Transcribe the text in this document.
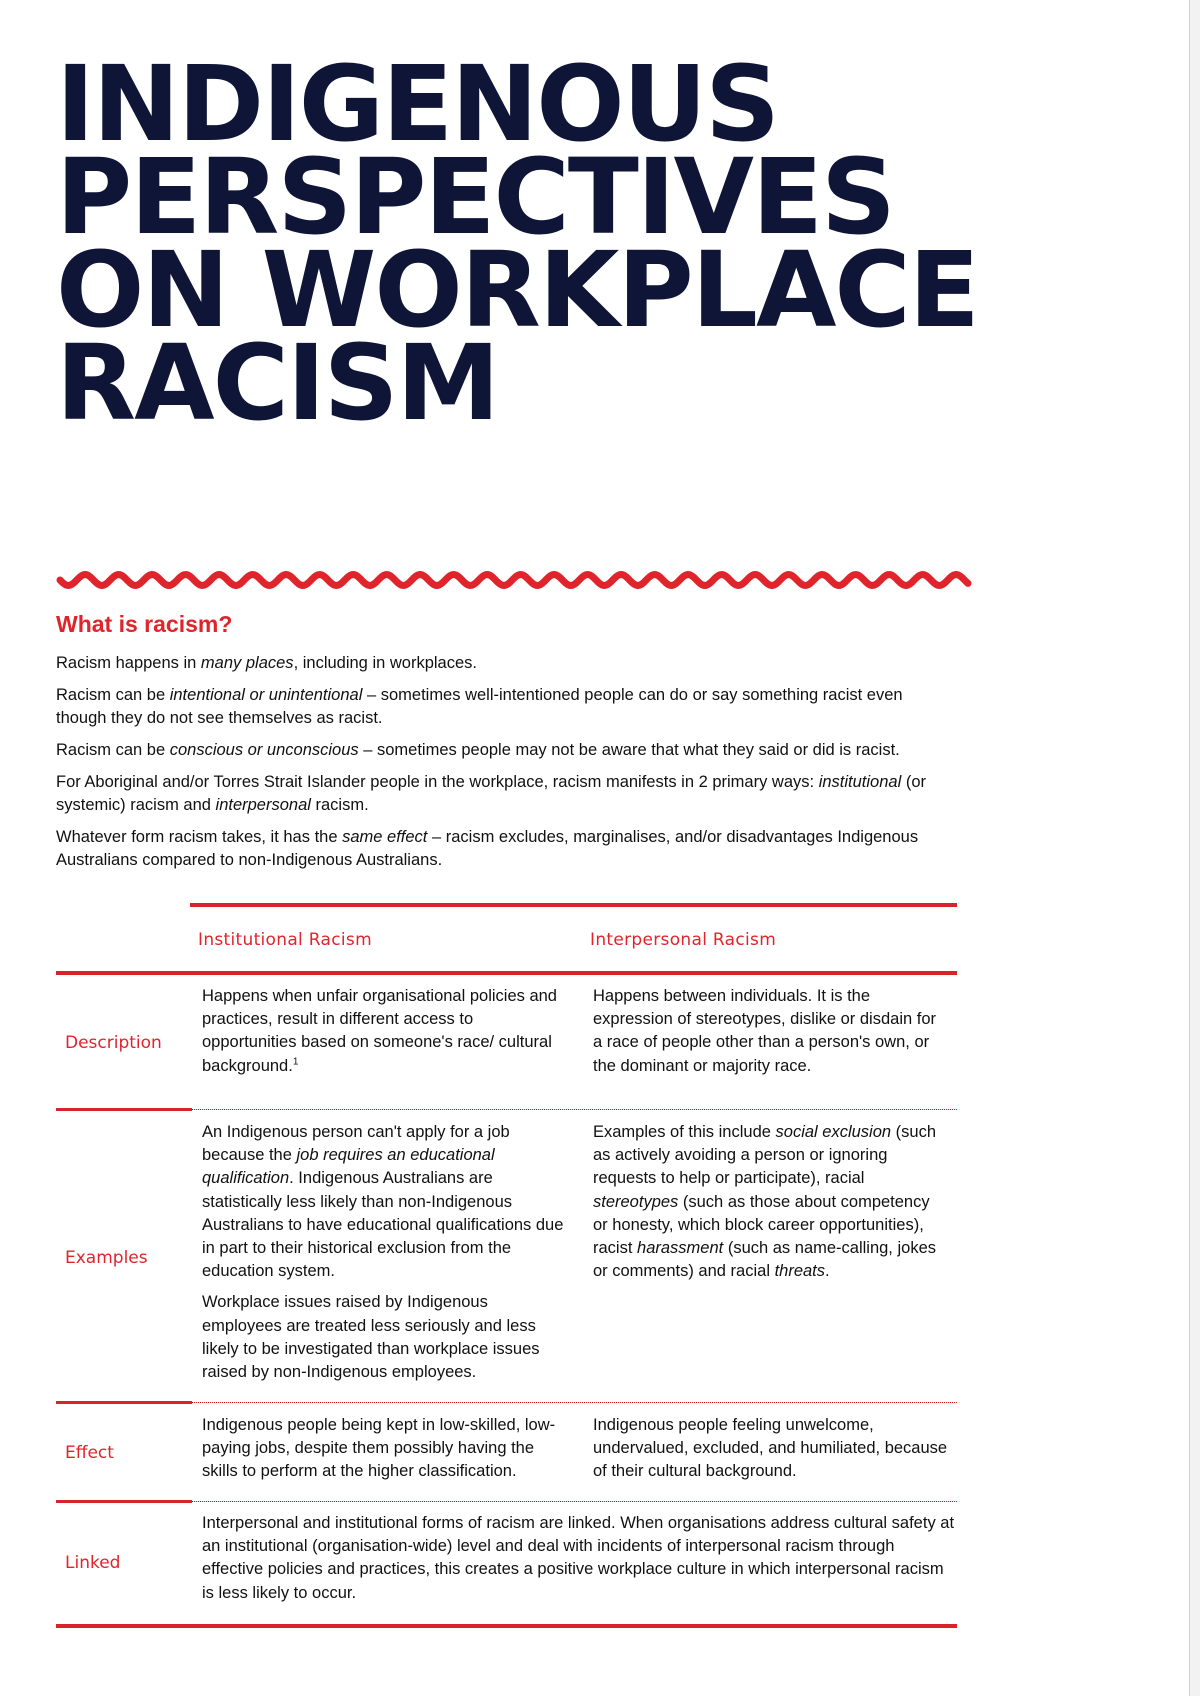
INDIGENOUS
PERSPECTIVES
ON WORKPLACE
RACISM
What is racism?

Racism happens in many places, including in workplaces.

Racism can be intentional or unintentional – sometimes well-intentioned people can do or say something racist even though they do not see themselves as racist.

Racism can be conscious or unconscious – sometimes people may not be aware that what they said or did is racist.

For Aboriginal and/or Torres Strait Islander people in the workplace, racism manifests in 2 primary ways: institutional (or systemic) racism and interpersonal racism.

Whatever form racism takes, it has the same effect – racism excludes, marginalises, and/or disadvantages Indigenous Australians compared to non-Indigenous Australians.

Institutional Racism	Interpersonal Racism
Description

Happens when unfair organisational policies and practices, result in different access to opportunities based on someone's race/ cultural background.$^1$

Happens between individuals. It is the expression of stereotypes, dislike or disdain for a race of people other than a person's own, or the dominant or majority race.

Examples

An Indigenous person can't apply for a job because the job requires an educational qualification. Indigenous Australians are statistically less likely than non-Indigenous Australians to have educational qualifications due in part to their historical exclusion from the education system.

Workplace issues raised by Indigenous employees are treated less seriously and less likely to be investigated than workplace issues raised by non-Indigenous employees.

Examples of this include social exclusion (such as actively avoiding a person or ignoring requests to help or participate), racial stereotypes (such as those about competency or honesty, which block career opportunities), racist harassment (such as name-calling, jokes or comments) and racial threats.

Effect

Indigenous people being kept in low-skilled, low-paying jobs, despite them possibly having the skills to perform at the higher classification.

Indigenous people feeling unwelcome, undervalued, excluded, and humiliated, because of their cultural background.

Linked

Interpersonal and institutional forms of racism are linked. When organisations address cultural safety at an institutional (organisation-wide) level and deal with incidents of interpersonal racism through effective policies and practices, this creates a positive workplace culture in which interpersonal racism is less likely to occur.
